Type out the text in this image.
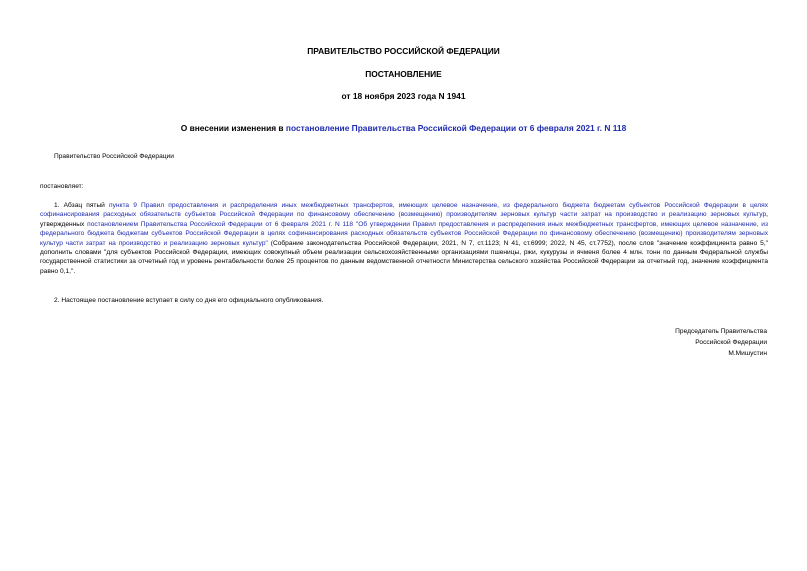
ПРАВИТЕЛЬСТВО РОССИЙСКОЙ ФЕДЕРАЦИИ
ПОСТАНОВЛЕНИЕ
от 18 ноября 2023 года N 1941
О внесении изменения в постановление Правительства Российской Федерации от 6 февраля 2021 г. N 118
Правительство Российской Федерации
постановляет:
1. Абзац пятый пункта 9 Правил предоставления и распределения иных межбюджетных трансфертов, имеющих целевое назначение, из федерального бюджета бюджетам субъектов Российской Федерации в целях софинансирования расходных обязательств субъектов Российской Федерации по финансовому обеспечению (возмещению) производителям зерновых культур части затрат на производство и реализацию зерновых культур, утвержденных постановлением Правительства Российской Федерации от 6 февраля 2021 г. N 118 "Об утверждении Правил предоставления и распределения иных межбюджетных трансфертов, имеющих целевое назначение, из федерального бюджета бюджетам субъектов Российской Федерации в целях софинансирования расходных обязательств субъектов Российской Федерации по финансовому обеспечению (возмещению) производителям зерновых культур части затрат на производство и реализацию зерновых культур" (Собрание законодательства Российской Федерации, 2021, N 7, ст.1123; N 41, ст.6999; 2022, N 45, ст.7752), после слов "значение коэффициента равно 5," дополнить словами "для субъектов Российской Федерации, имеющих совокупный объем реализации сельскохозяйственными организациями пшеницы, ржи, кукурузы и ячменя более 4 млн. тонн по данным Федеральной службы государственной статистики за отчетный год и уровень рентабельности более 25 процентов по данным ведомственной отчетности Министерства сельского хозяйства Российской Федерации за отчетный год, значение коэффициента равно 0,1,".
2. Настоящее постановление вступает в силу со дня его официального опубликования.
Председатель Правительства
Российской Федерации
М.Мишустин
